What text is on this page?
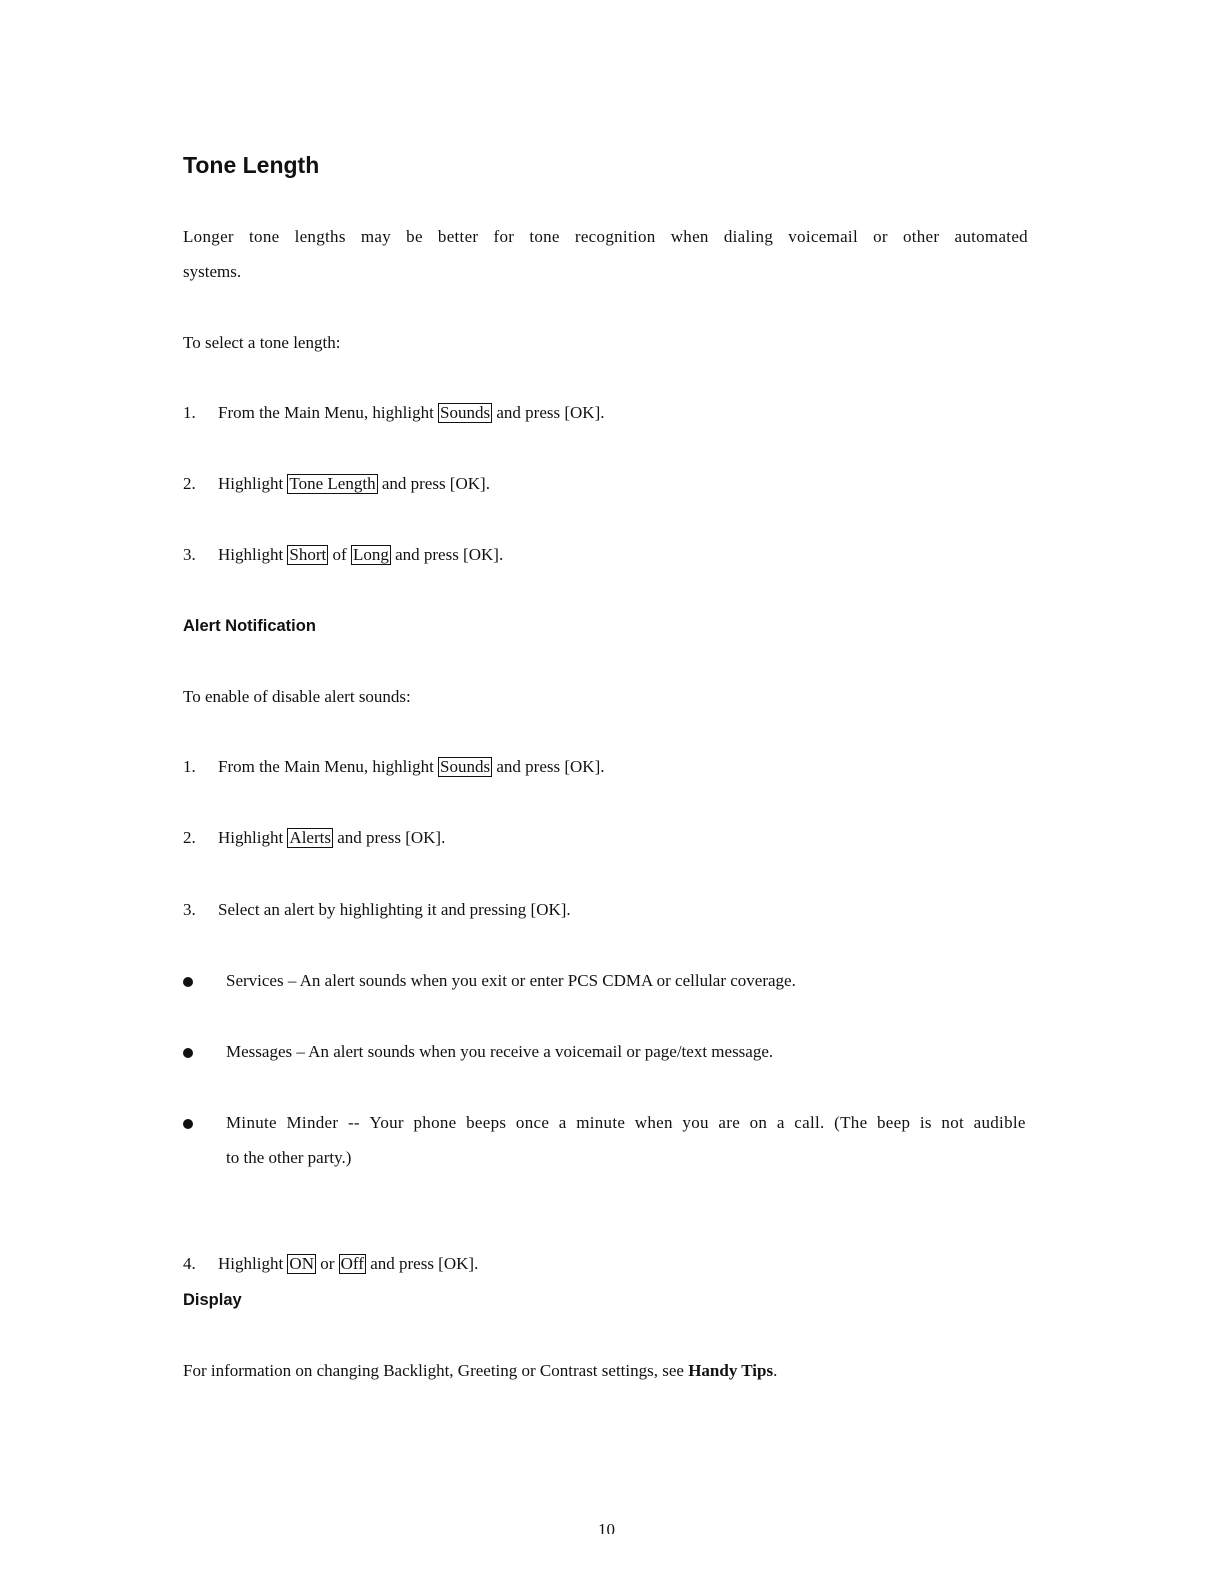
Tone Length
Longer tone lengths may be better for tone recognition when dialing voicemail or other automated
systems.
To select a tone length:
1. From the Main Menu, highlight Sounds and press [OK].
2. Highlight Tone Length and press [OK].
3. Highlight Short of Long and press [OK].
Alert Notification
To enable of disable alert sounds:
1. From the Main Menu, highlight Sounds and press [OK].
2. Highlight Alerts and press [OK].
3. Select an alert by highlighting it and pressing [OK].
Services – An alert sounds when you exit or enter PCS CDMA or cellular coverage.
Messages – An alert sounds when you receive a voicemail or page/text message.
Minute Minder -- Your phone beeps once a minute when you are on a call. (The beep is not audible
to the other party.)
4. Highlight ON or Off and press [OK].
Display
For information on changing Backlight, Greeting or Contrast settings, see Handy Tips.
10
